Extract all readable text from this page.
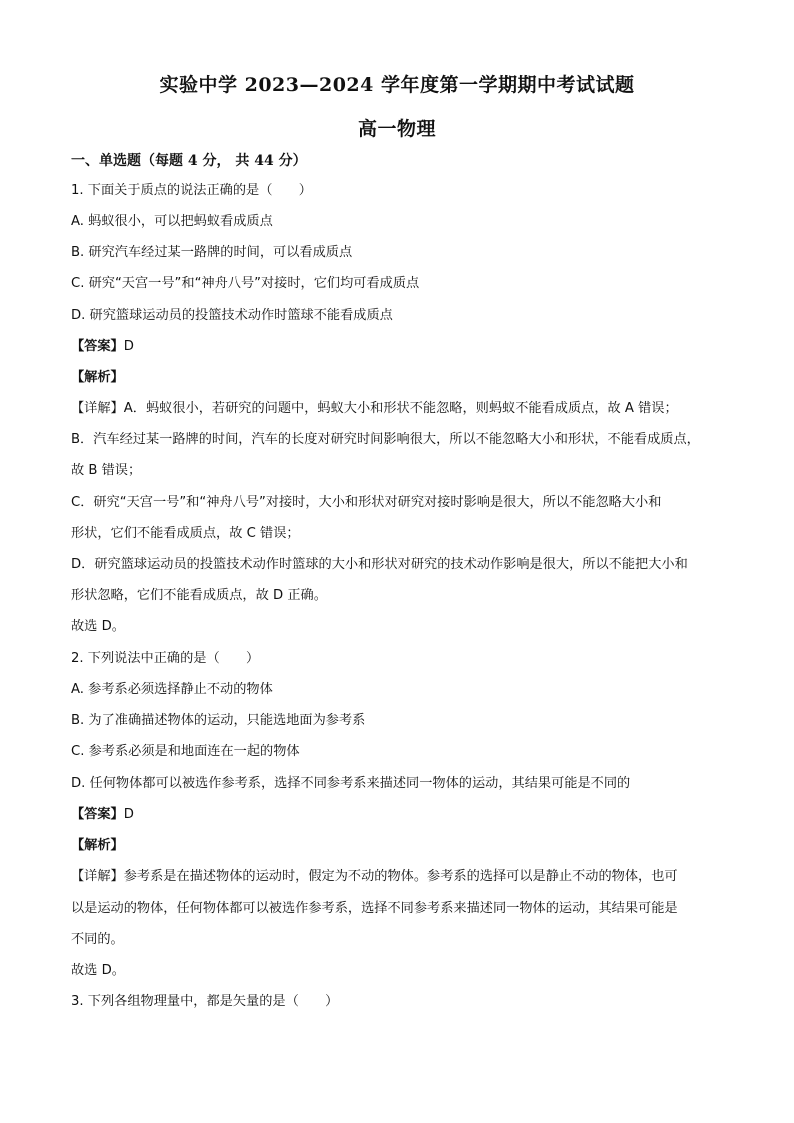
实验中学 2023—2024 学年度第一学期期中考试试题
高一物理
一、单选题（每题 4 分， 共 44 分）
1. 下面关于质点的说法正确的是（　　）
A. 蚂蚁很小，可以把蚂蚁看成质点
B. 研究汽车经过某一路牌的时间，可以看成质点
C. 研究“天宫一号”和“神舟八号”对接时，它们均可看成质点
D. 研究篮球运动员的投篮技术动作时篮球不能看成质点
【答案】D
【解析】
【详解】A．蚂蚁很小，若研究的问题中，蚂蚁大小和形状不能忽略，则蚂蚁不能看成质点，故 A 错误；
B．汽车经过某一路牌的时间，汽车的长度对研究时间影响很大，所以不能忽略大小和形状，不能看成质点，
故 B 错误；
C．研究“天宫一号”和“神舟八号”对接时，大小和形状对研究对接时影响是很大，所以不能忽略大小和
形状，它们不能看成质点，故 C 错误；
D．研究篮球运动员的投篮技术动作时篮球的大小和形状对研究的技术动作影响是很大，所以不能把大小和
形状忽略，它们不能看成质点，故 D 正确。
故选 D。
2. 下列说法中正确的是（　　）
A. 参考系必须选择静止不动的物体
B. 为了准确描述物体的运动，只能选地面为参考系
C. 参考系必须是和地面连在一起的物体
D. 任何物体都可以被选作参考系，选择不同参考系来描述同一物体的运动，其结果可能是不同的
【答案】D
【解析】
【详解】参考系是在描述物体的运动时，假定为不动的物体。参考系的选择可以是静止不动的物体，也可
以是运动的物体，任何物体都可以被选作参考系，选择不同参考系来描述同一物体的运动，其结果可能是
不同的。
故选 D。
3. 下列各组物理量中，都是矢量的是（　　）
